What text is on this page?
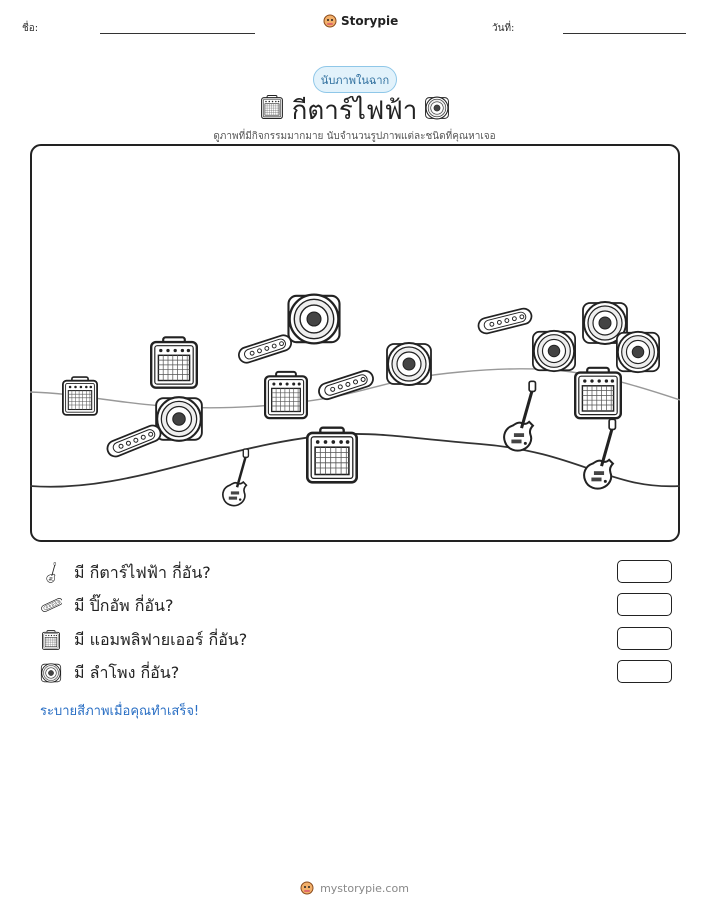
ชื่อ:
Storypie
วันที่:
นับภาพในฉาก
กีตาร์ไฟฟ้า
ดูภาพที่มีกิจกรรมมากมาย นับจำนวนรูปภาพแต่ละชนิดที่คุณหาเจอ
มี กีตาร์ไฟฟ้า กี่อัน?
มี ปิ๊กอัพ กี่อัน?
มี แอมพลิฟายเออร์ กี่อัน?
มี ลำโพง กี่อัน?
ระบายสีภาพเมื่อคุณทำเสร็จ!
mystorypie.com
